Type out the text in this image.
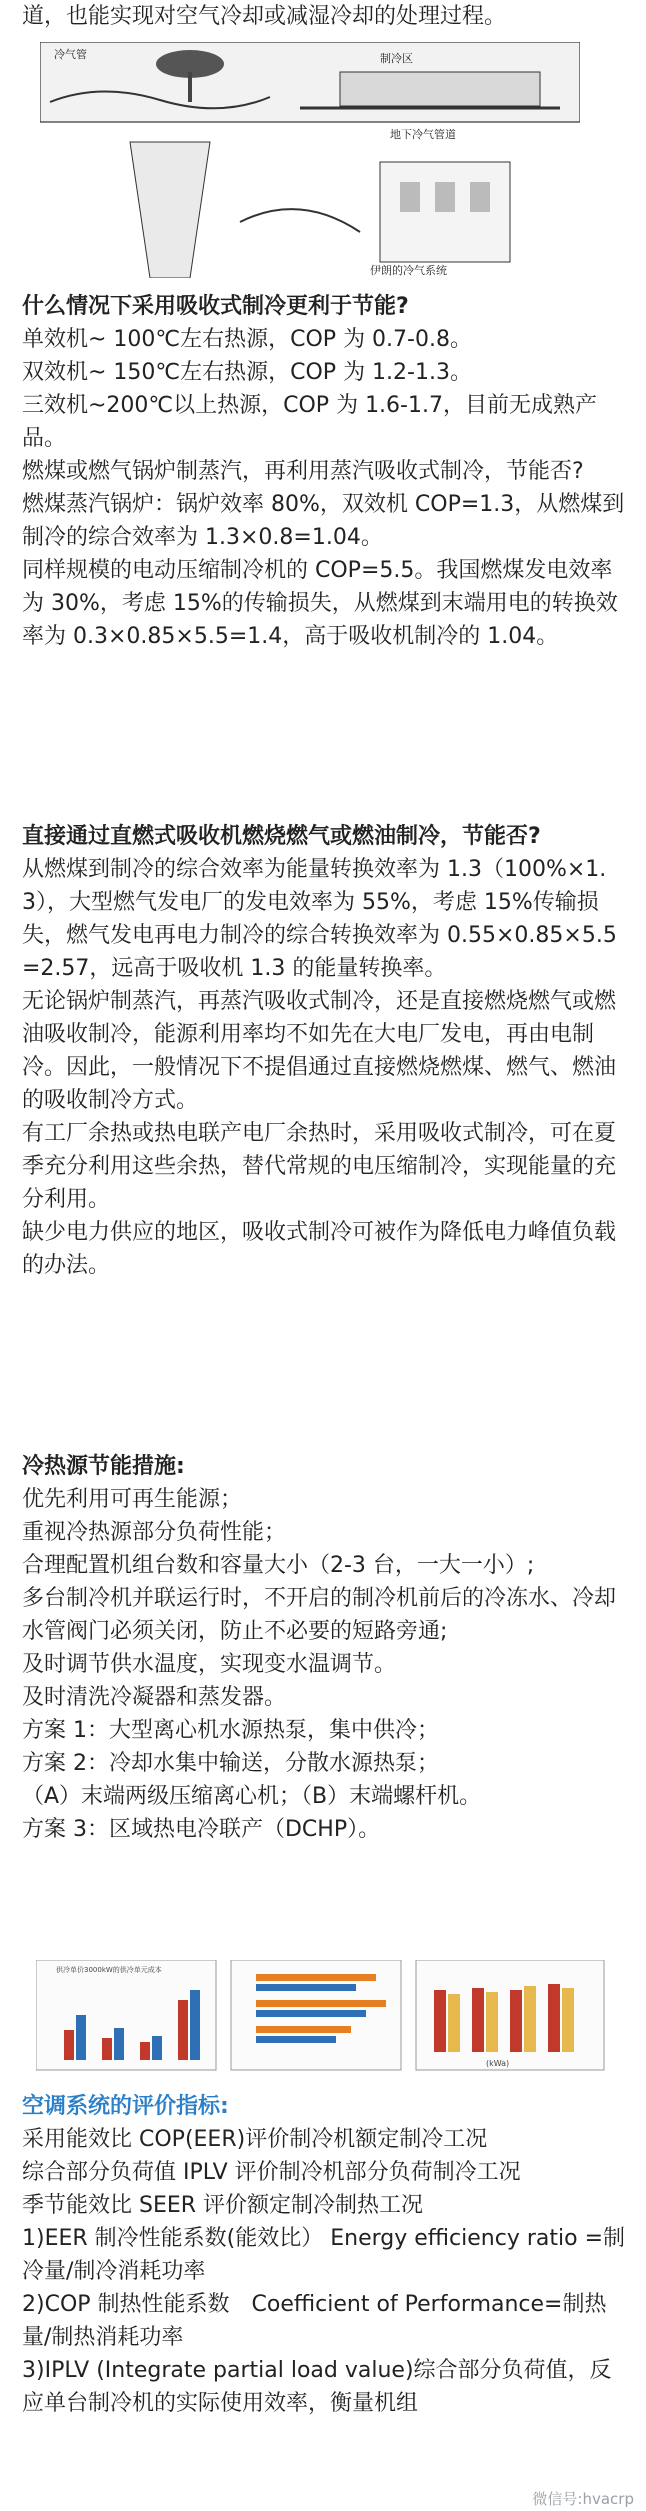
冷气管	制冷区
地下冷气管道
伊朗的冷气系统

道，也能实现对空气冷却或减湿冷却的处理过程。

什么情况下采用吸收式制冷更利于节能?

单效机~ 100℃左右热源，COP 为 0.7-0.8。

双效机~ 150℃左右热源，COP 为 1.2-1.3。

三效机~200℃以上热源，COP 为 1.6-1.7，目前无成熟产品。

燃煤或燃气锅炉制蒸汽，再利用蒸汽吸收式制冷，节能否?

燃煤蒸汽锅炉：锅炉效率 80%，双效机 COP=1.3，从燃煤到制冷的综合效率为 1.3×0.8=1.04。

同样规模的电动压缩制冷机的 COP=5.5。我国燃煤发电效率为 30%，考虑 15%的传输损失，从燃煤到末端用电的转换效率为 0.3×0.85×5.5=1.4，高于吸收机制冷的 1.04。

直接通过直燃式吸收机燃烧燃气或燃油制冷，节能否?

从燃煤到制冷的综合效率为能量转换效率为 1.3（100%×1.3），大型燃气发电厂的发电效率为 55%，考虑 15%传输损失，燃气发电再电力制冷的综合转换效率为 0.55×0.85×5.5=2.57，远高于吸收机 1.3 的能量转换率。

无论锅炉制蒸汽，再蒸汽吸收式制冷，还是直接燃烧燃气或燃油吸收制冷，能源利用率均不如先在大电厂发电，再由电制冷。因此，一般情况下不提倡通过直接燃烧燃煤、燃气、燃油的吸收制冷方式。

有工厂余热或热电联产电厂余热时，采用吸收式制冷，可在夏季充分利用这些余热，替代常规的电压缩制冷，实现能量的充分利用。

缺少电力供应的地区，吸收式制冷可被作为降低电力峰值负载的办法。

冷热源节能措施:

优先利用可再生能源；

重视冷热源部分负荷性能；

合理配置机组台数和容量大小（2-3 台，一大一小）;

多台制冷机并联运行时，不开启的制冷机前后的冷冻水、冷却水管阀门必须关闭，防止不必要的短路旁通;

及时调节供水温度，实现变水温调节。

及时清洗冷凝器和蒸发器。

方案 1：大型离心机水源热泵，集中供冷；

方案 2：冷却水集中输送，分散水源热泵；

（A）末端两级压缩离心机；（B）末端螺杆机。

方案 3：区域热电冷联产（DCHP）。

空调系统的评价指标:

采用能效比 COP(EER)评价制冷机额定制冷工况

综合部分负荷值 IPLV 评价制冷机部分负荷制冷工况

季节能效比 SEER 评价额定制冷制热工况

1)EER 制冷性能系数(能效比） Energy efficiency ratio =制冷量/制冷消耗功率

2)COP 制热性能系数　Coefficient of Performance=制热量/制热消耗功率

3)IPLV (Integrate partial load value)综合部分负荷值，反应单台制冷机的实际使用效率，衡量机组

供冷单价3000kW的供冷单元成本
(kWa)
微信号:hvacrp
